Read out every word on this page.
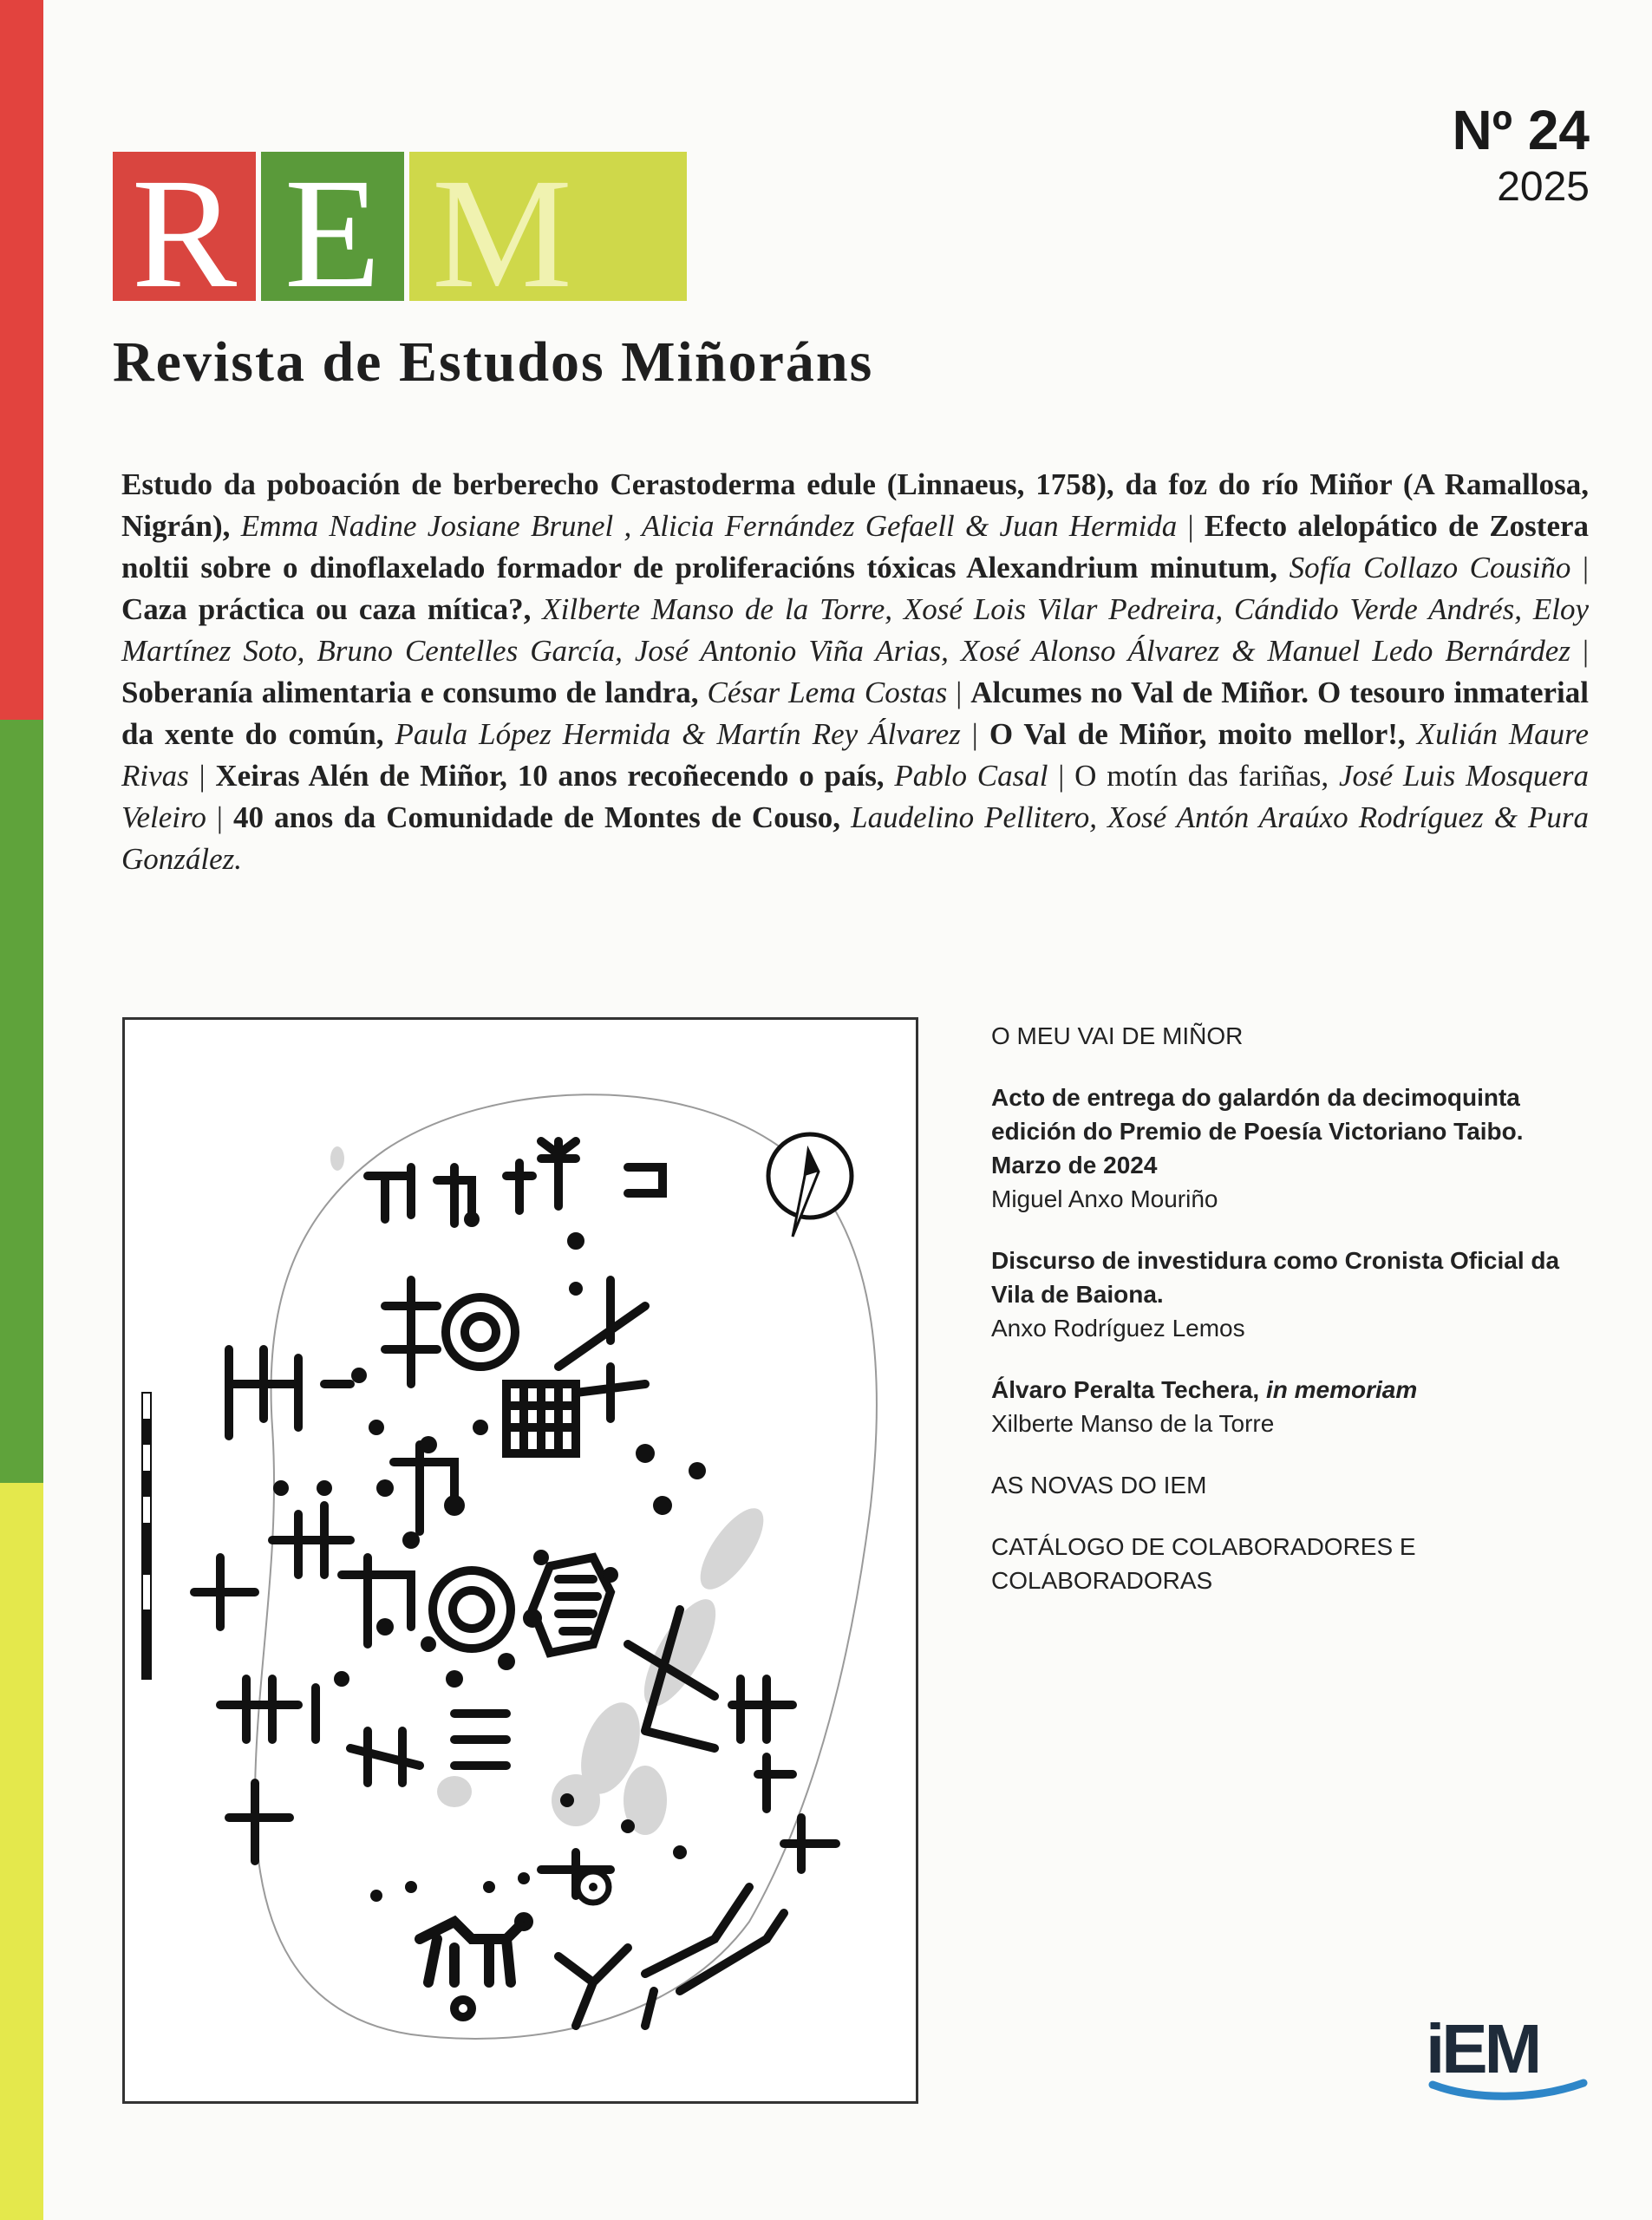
Nº 24
2025
R E M
Revista de Estudos Miñoráns
Estudo da poboación de berberecho Cerastoderma edule (Linnaeus, 1758), da foz do río Miñor (A Ramallosa, Nigrán), Emma Nadine Josiane Brunel , Alicia Fernández Gefaell & Juan Hermida | Efecto alelopático de Zostera noltii sobre o dinoflaxelado formador de proliferacións tóxicas Alexandrium minutum, Sofía Collazo Cousiño | Caza práctica ou caza mítica?, Xilberte Manso de la Torre, Xosé Lois Vilar Pedreira, Cándido Verde Andrés, Eloy Martínez Soto, Bruno Centelles García, José Antonio Viña Arias, Xosé Alonso Álvarez & Manuel Ledo Bernárdez | Soberanía alimentaria e consumo de landra, César Lema Costas | Alcumes no Val de Miñor. O tesouro inmaterial da xente do común, Paula López Hermida & Martín Rey Álvarez | O Val de Miñor, moito mellor!, Xulián Maure Rivas | Xeiras Alén de Miñor, 10 anos recoñecendo o país, Pablo Casal | O motín das fariñas, José Luis Mosquera Veleiro | 40 anos da Comunidade de Montes de Couso, Laudelino Pellitero, Xosé Antón Araúxo Rodríguez & Pura González.
O MEU VAI DE MIÑOR
Acto de entrega do galardón da decimoquinta edición do Premio de Poesía Victoriano Taibo. Marzo de 2024
Miguel Anxo Mouriño
Discurso de investidura como Cronista Oficial da Vila de Baiona.
Anxo Rodríguez Lemos
Álvaro Peralta Techera, in memoriam
Xilberte Manso de la Torre
AS NOVAS DO IEM
CATÁLOGO DE COLABORADORES E COLABORADORAS
iEM
